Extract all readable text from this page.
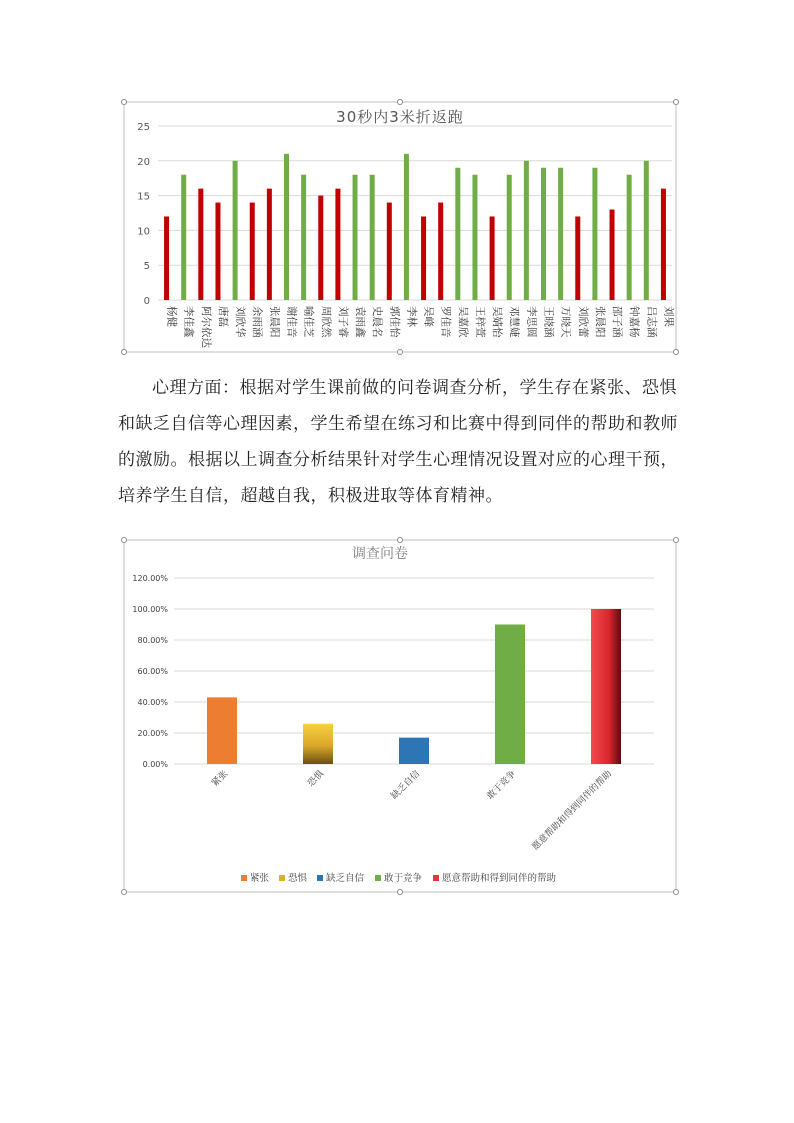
30秒内3米折返跑
0
5
10
15
20
25
杨健 李佳鑫 阿尔依达 唐磊 刘欣华 余雨涵 张晨阳 谢佳音 喻佳芝 周欣然 刘子睿 袁雨鑫 史晨名 郭佳怡 李林 吴峰 罗佳音 吴嘉欣 王梓萱 吴婧怡 邓慧婕 李思圆 王晓涵 万晓天 刘欣蕾 张晨阳 邵子涵 钟嘉杨 吕志涵 刘果

心理方面：根据对学生课前做的问卷调查分析，学生存在紧张、恐惧和缺乏自信等心理因素，学生希望在练习和比赛中得到同伴的帮助和教师的激励。根据以上调查分析结果针对学生心理情况设置对应的心理干预，培养学生自信，超越自我，积极进取等体育精神。

调查问卷
0.00%
20.00%
40.00%
60.00%
80.00%
100.00%
120.00%
紧张	恐惧	缺乏自信	敢于竞争 愿意帮助和得到同伴的帮助
紧张 恐惧 缺乏自信 敢于竞争 愿意帮助和得到同伴的帮助
